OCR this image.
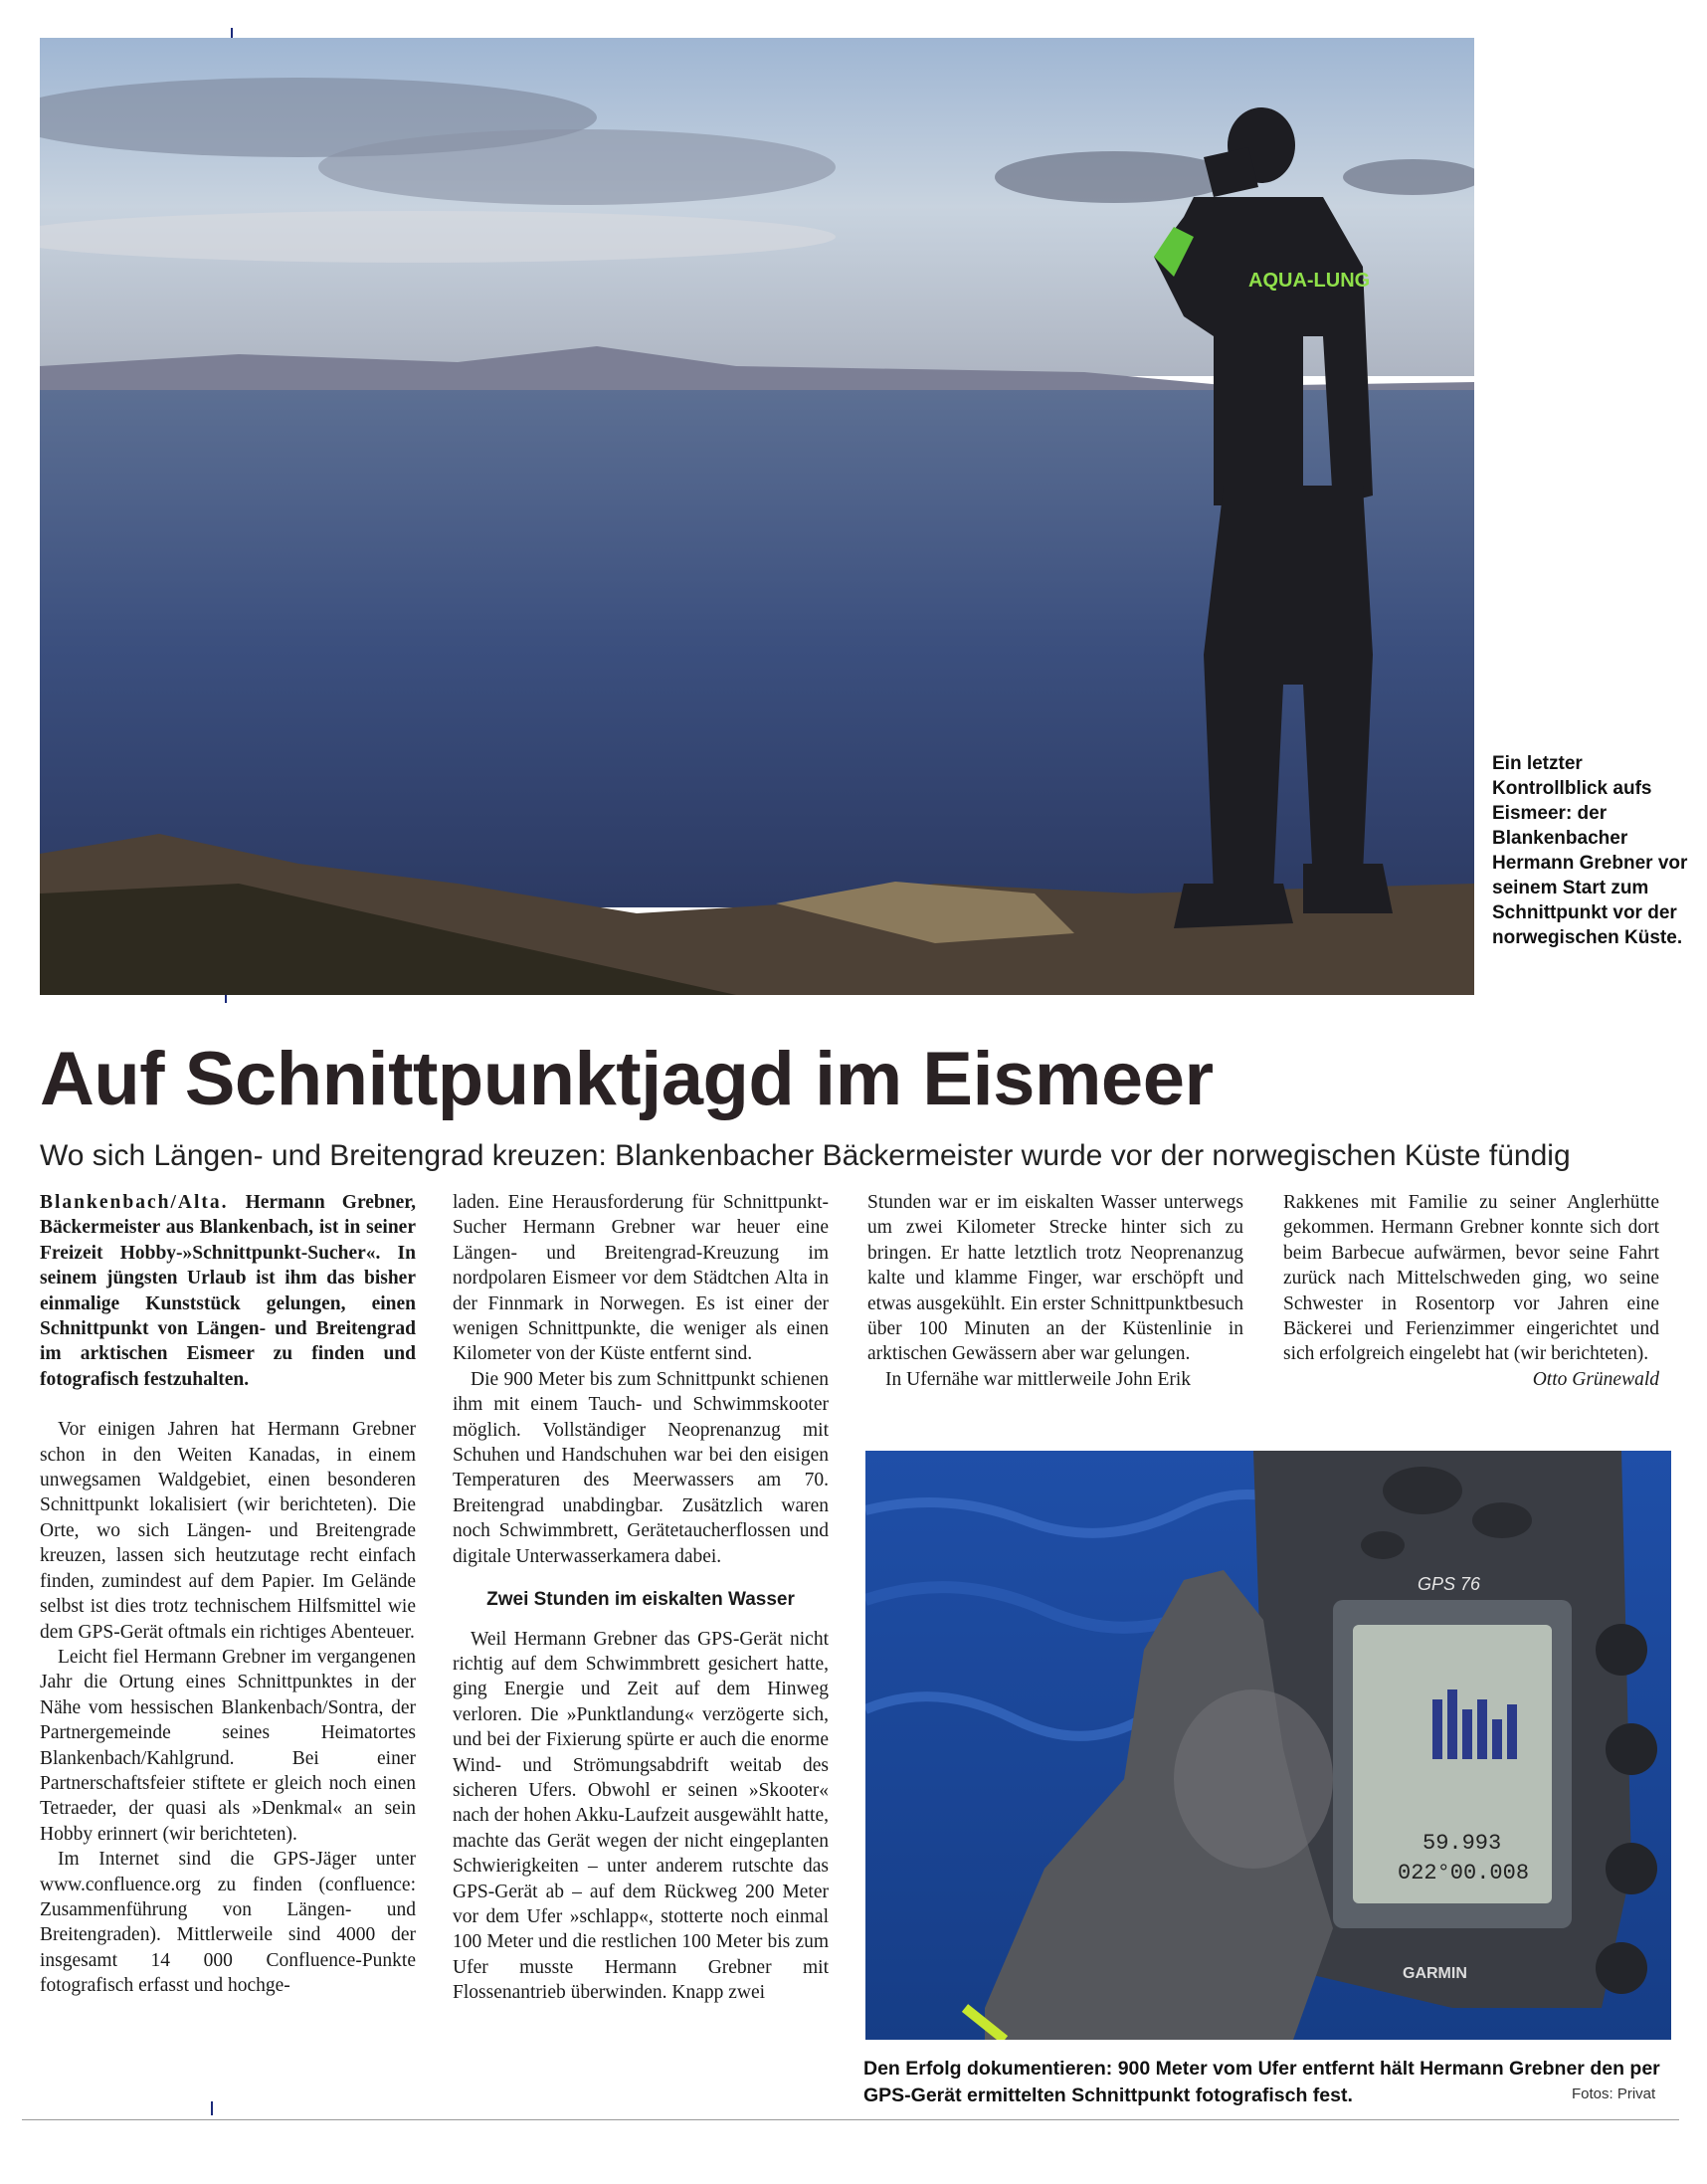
AQUA-LUNG
Ein letzter Kontrollblick aufs Eismeer: der Blankenbacher Hermann Grebner vor seinem Start zum Schnittpunkt vor der norwegischen Küste.
Auf Schnittpunktjagd im Eismeer
Wo sich Längen- und Breitengrad kreuzen: Blankenbacher Bäckermeister wurde vor der norwegischen Küste fündig

Blankenbach/Alta. Hermann Grebner, Bäckermeister aus Blankenbach, ist in seiner Freizeit Hobby-»Schnittpunkt-Sucher«. In seinem jüngsten Urlaub ist ihm das bisher einmalige Kunststück gelungen, einen Schnittpunkt von Längen- und Breitengrad im arktischen Eismeer zu finden und fotografisch festzuhalten.

Vor einigen Jahren hat Hermann Grebner schon in den Weiten Kanadas, in einem unwegsamen Waldgebiet, einen besonderen Schnittpunkt lokalisiert (wir berichteten). Die Orte, wo sich Längen- und Breitengrade kreuzen, lassen sich heutzutage recht einfach finden, zumindest auf dem Papier. Im Gelände selbst ist dies trotz technischem Hilfsmittel wie dem GPS-Gerät oftmals ein richtiges Abenteuer.

Leicht fiel Hermann Grebner im vergangenen Jahr die Ortung eines Schnittpunktes in der Nähe vom hessischen Blankenbach/Sontra, der Partnergemeinde seines Heimatortes Blankenbach/Kahlgrund. Bei einer Partnerschaftsfeier stiftete er gleich noch einen Tetraeder, der quasi als »Denkmal« an sein Hobby erinnert (wir berichteten).

Im Internet sind die GPS-Jäger unter www.confluence.org zu finden (confluence: Zusammenführung von Längen- und Breitengraden). Mittlerweile sind 4000 der insgesamt 14 000 Confluence-Punkte fotografisch erfasst und hochge-

laden. Eine Herausforderung für Schnittpunkt-Sucher Hermann Grebner war heuer eine Längen- und Breitengrad-Kreuzung im nordpolaren Eismeer vor dem Städtchen Alta in der Finnmark in Norwegen. Es ist einer der wenigen Schnittpunkte, die weniger als einen Kilometer von der Küste entfernt sind.

Die 900 Meter bis zum Schnittpunkt schienen ihm mit einem Tauch- und Schwimmskooter möglich. Vollständiger Neoprenanzug mit Schuhen und Handschuhen war bei den eisigen Temperaturen des Meerwassers am 70. Breitengrad unabdingbar. Zusätzlich waren noch Schwimmbrett, Gerätetaucherflossen und digitale Unterwasserkamera dabei.

Zwei Stunden im eiskalten Wasser

Weil Hermann Grebner das GPS-Gerät nicht richtig auf dem Schwimmbrett gesichert hatte, ging Energie und Zeit auf dem Hinweg verloren. Die »Punktlandung« verzögerte sich, und bei der Fixierung spürte er auch die enorme Wind- und Strömungsabdrift weitab des sicheren Ufers. Obwohl er seinen »Skooter« nach der hohen Akku-Laufzeit ausgewählt hatte, machte das Gerät wegen der nicht eingeplanten Schwierigkeiten – unter anderem rutschte das GPS-Gerät ab – auf dem Rückweg 200 Meter vor dem Ufer »schlapp«, stotterte noch einmal 100 Meter und die restlichen 100 Meter bis zum Ufer musste Hermann Grebner mit Flossenantrieb überwinden. Knapp zwei

Stunden war er im eiskalten Wasser unterwegs um zwei Kilometer Strecke hinter sich zu bringen. Er hatte letztlich trotz Neoprenanzug kalte und klamme Finger, war erschöpft und etwas ausgekühlt. Ein erster Schnittpunktbesuch über 100 Minuten an der Küstenlinie in arktischen Gewässern aber war gelungen.

In Ufernähe war mittlerweile John Erik

Rakkenes mit Familie zu seiner Anglerhütte gekommen. Hermann Grebner konnte sich dort beim Barbecue aufwärmen, bevor seine Fahrt zurück nach Mittelschweden ging, wo seine Schwester in Rosentorp vor Jahren eine Bäckerei und Ferienzimmer eingerichtet und sich erfolgreich eingelebt hat (wir berichteten).

Otto Grünewald

GPS 76
59.993
022°00.008
GARMIN
Den Erfolg dokumentieren: 900 Meter vom Ufer entfernt hält Hermann Grebner den per GPS-Gerät ermittelten Schnittpunkt fotografisch fest.	Fotos: Privat
